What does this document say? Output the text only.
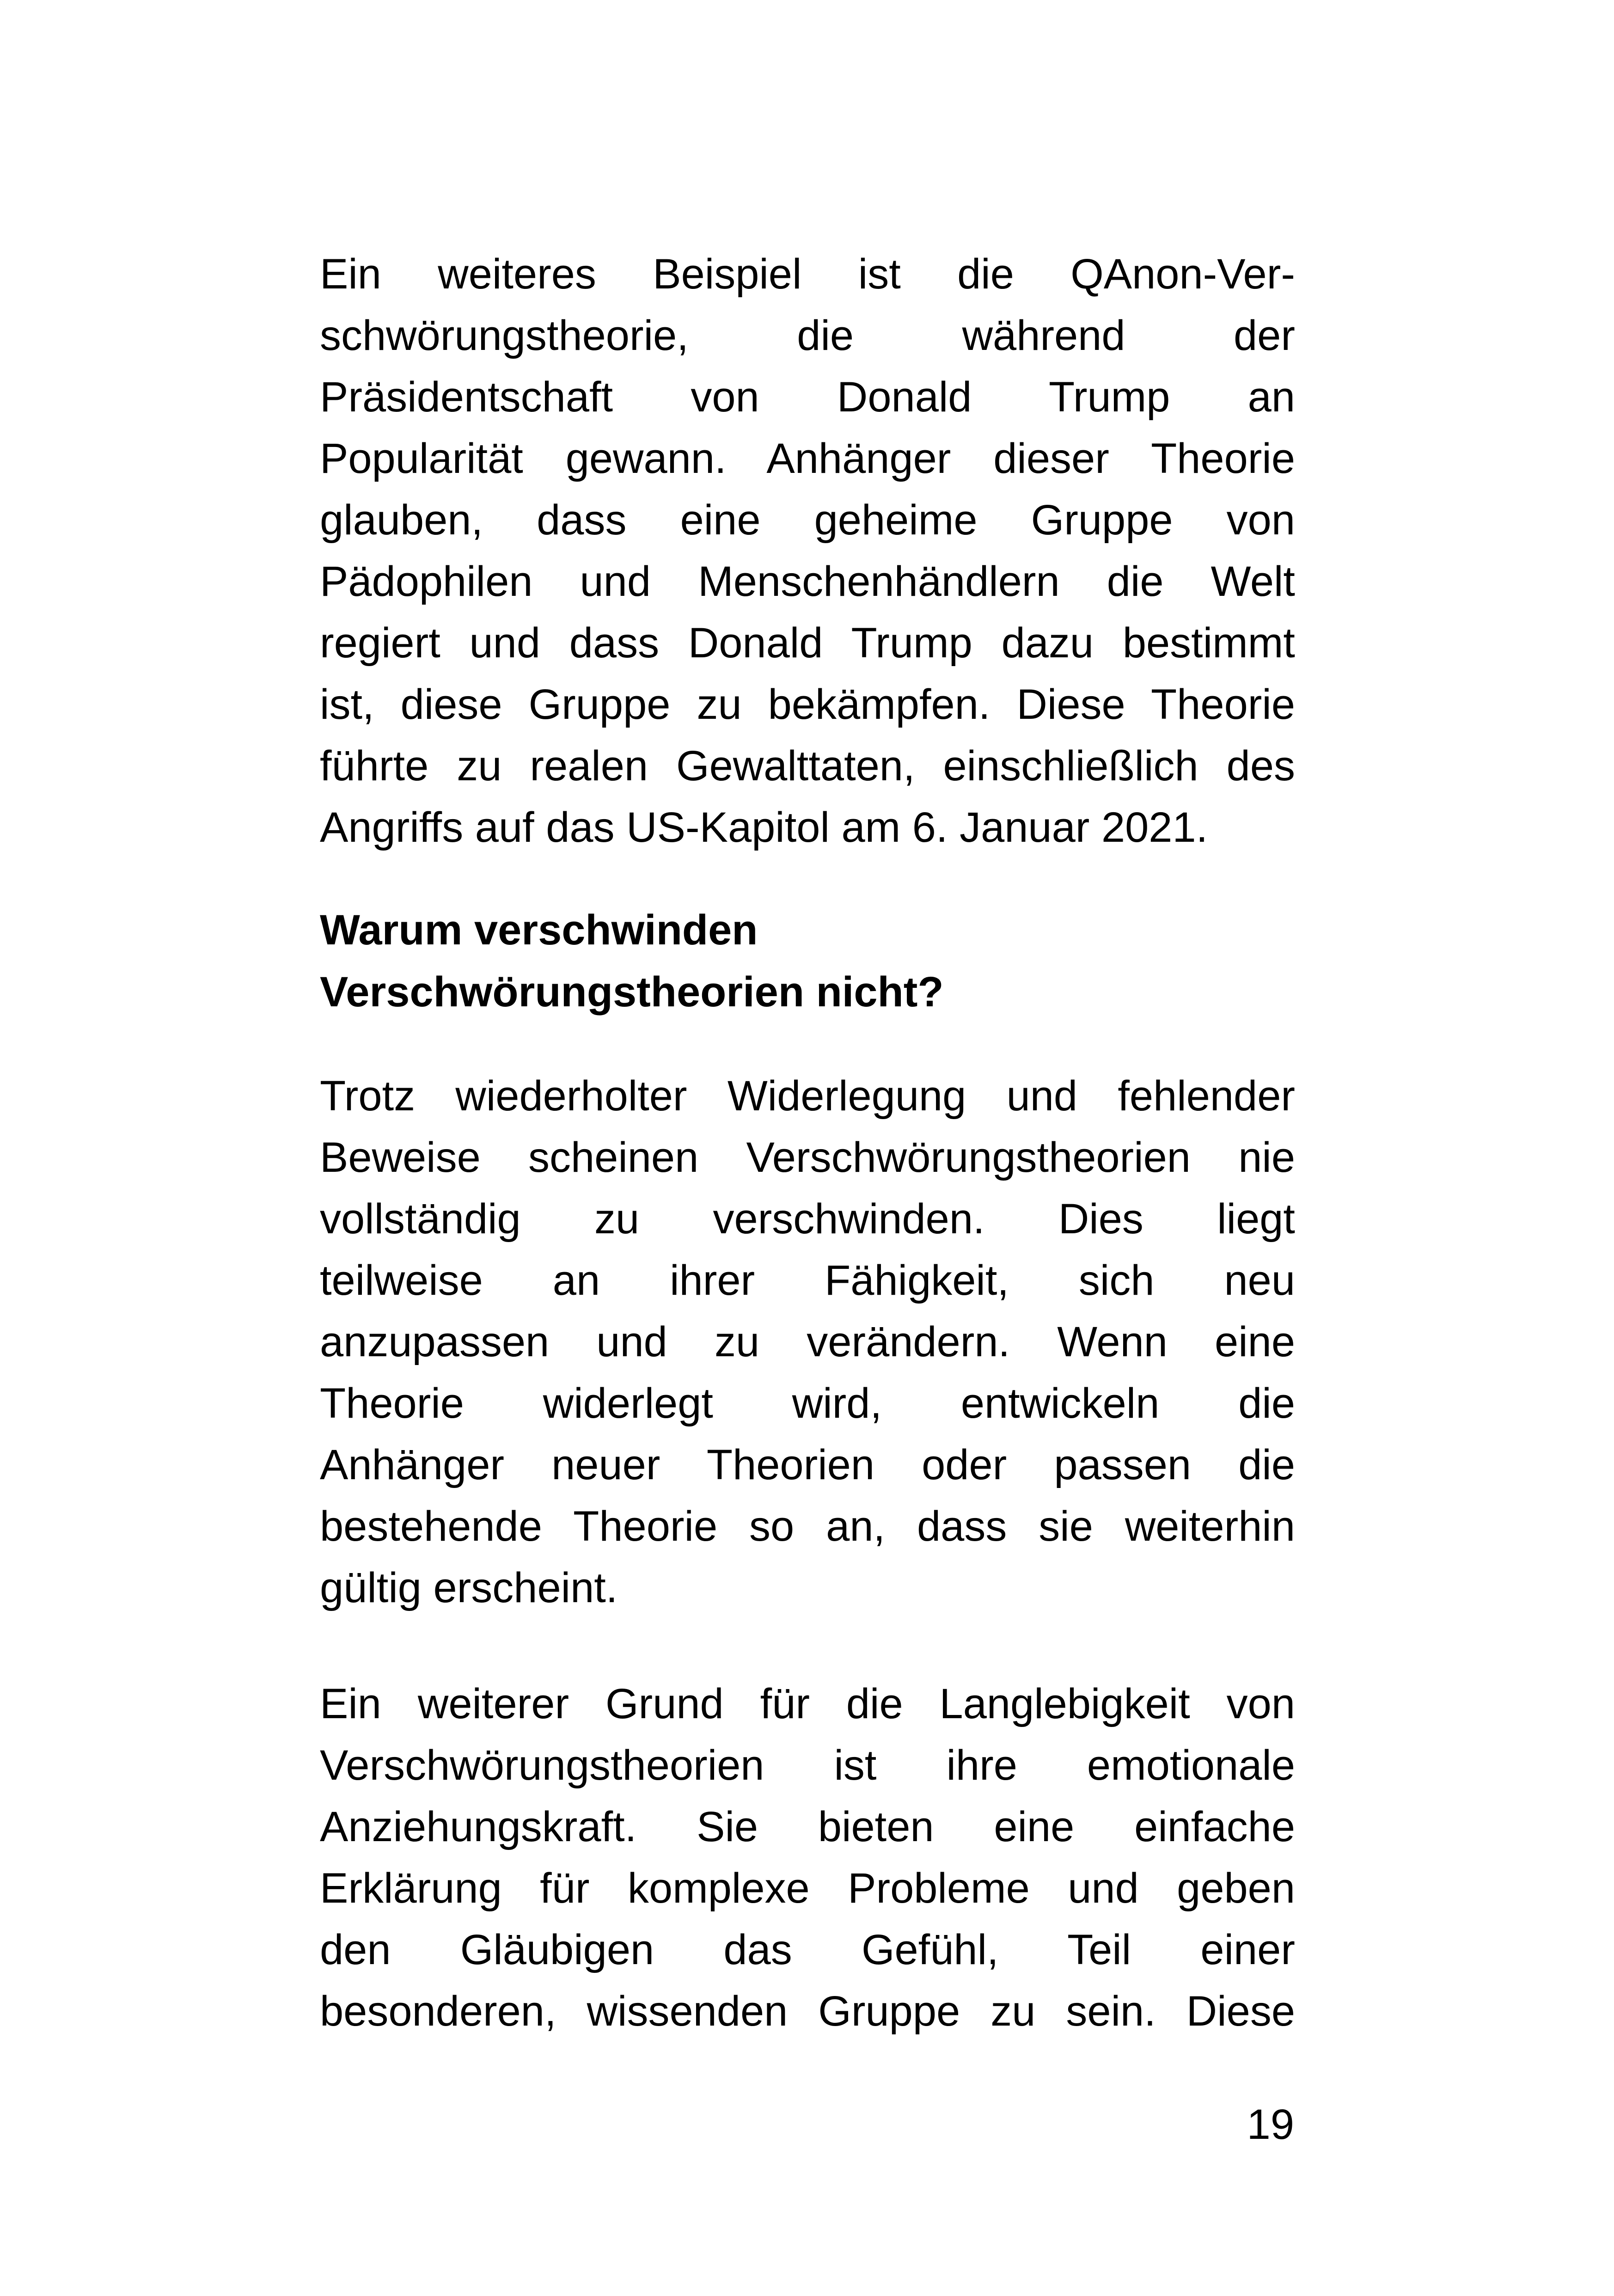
Ein weiteres Beispiel ist die QAnon-Ver-
schwörungstheorie, die während der
Präsidentschaft von Donald Trump an
Popularität gewann. Anhänger dieser Theorie
glauben, dass eine geheime Gruppe von
Pädophilen und Menschenhändlern die Welt
regiert und dass Donald Trump dazu bestimmt
ist, diese Gruppe zu bekämpfen. Diese Theorie
führte zu realen Gewalttaten, einschließlich des
Angriffs auf das US-Kapitol am 6. Januar 2021.
Warum verschwinden
Verschwörungstheorien nicht?
Trotz wiederholter Widerlegung und fehlender
Beweise scheinen Verschwörungstheorien nie
vollständig zu verschwinden. Dies liegt
teilweise an ihrer Fähigkeit, sich neu
anzupassen und zu verändern. Wenn eine
Theorie widerlegt wird, entwickeln die
Anhänger neuer Theorien oder passen die
bestehende Theorie so an, dass sie weiterhin
gültig erscheint.
Ein weiterer Grund für die Langlebigkeit von
Verschwörungstheorien ist ihre emotionale
Anziehungskraft. Sie bieten eine einfache
Erklärung für komplexe Probleme und geben
den Gläubigen das Gefühl, Teil einer
besonderen, wissenden Gruppe zu sein. Diese
19
